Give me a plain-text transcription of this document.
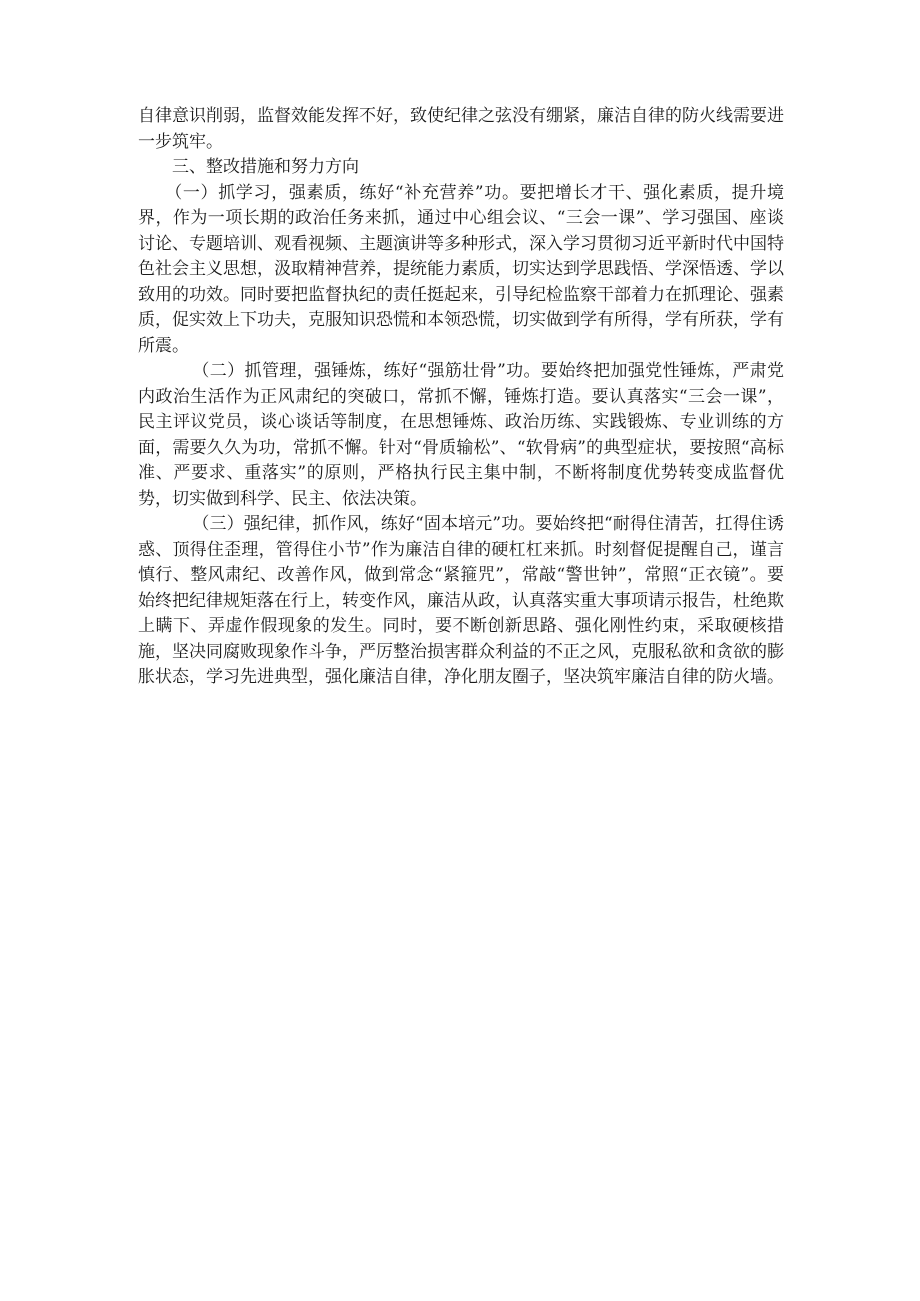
自律意识削弱，监督效能发挥不好，致使纪律之弦没有绷紧，廉洁自律的防火线需要进一步筑牢。

三、整改措施和努力方向

（一）抓学习，强素质，练好“补充营养”功。要把增长才干、强化素质，提升境界，作为一项长期的政治任务来抓，通过中心组会议、“三会一课”、学习强国、座谈讨论、专题培训、观看视频、主题演讲等多种形式，深入学习贯彻习近平新时代中国特色社会主义思想，汲取精神营养，提统能力素质，切实达到学思践悟、学深悟透、学以致用的功效。同时要把监督执纪的责任挺起来，引导纪检监察干部着力在抓理论、强素质，促实效上下功夫，克服知识恐慌和本领恐慌，切实做到学有所得，学有所获，学有所震。

（二）抓管理，强锤炼，练好“强筋壮骨”功。要始终把加强党性锤炼，严肃党内政治生活作为正风肃纪的突破口，常抓不懈，锤炼打造。要认真落实“三会一课”，民主评议党员，谈心谈话等制度，在思想锤炼、政治历练、实践锻炼、专业训练的方面，需要久久为功，常抓不懈。针对“骨质输松”、“软骨病”的典型症状，要按照“高标准、严要求、重落实”的原则，严格执行民主集中制，不断将制度优势转变成监督优势，切实做到科学、民主、依法决策。

（三）强纪律，抓作风，练好“固本培元”功。要始终把“耐得住清苦，扛得住诱惑、顶得住歪理，管得住小节”作为廉洁自律的硬杠杠来抓。时刻督促提醒自己，谨言慎行、整风肃纪、改善作风，做到常念“紧箍咒”，常敲“警世钟”，常照“正衣镜”。要始终把纪律规矩落在行上，转变作风，廉洁从政，认真落实重大事项请示报告，杜绝欺上瞒下、弄虚作假现象的发生。同时，要不断创新思路、强化刚性约束，采取硬核措施，坚决同腐败现象作斗争，严厉整治损害群众利益的不正之风，克服私欲和贪欲的膨胀状态，学习先进典型，强化廉洁自律，净化朋友圈子，坚决筑牢廉洁自律的防火墙。
